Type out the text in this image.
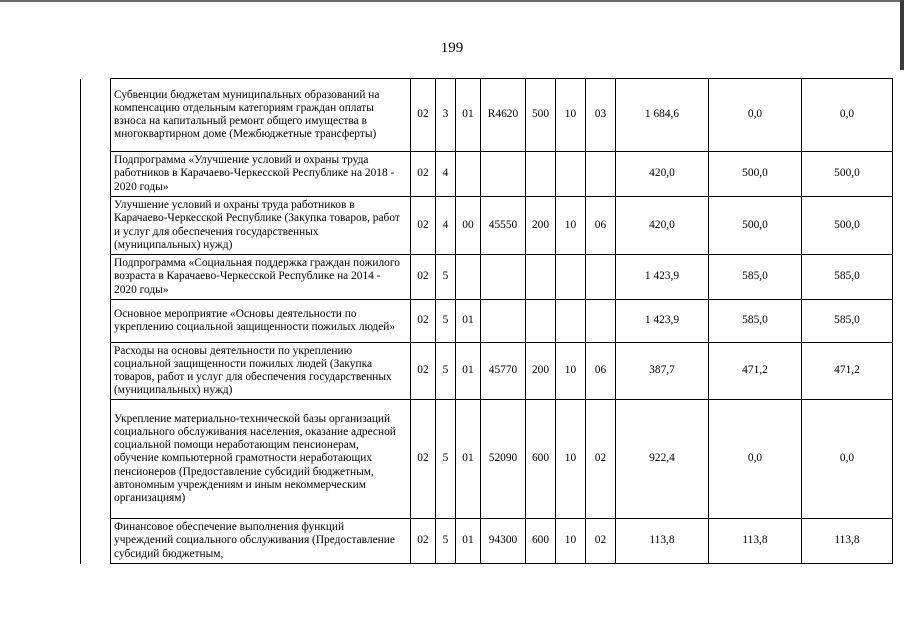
199
	Субвенции бюджетам муниципальных образований на компенсацию отдельным категориям граждан оплаты взноса на капитальный ремонт общего имущества в многоквартирном доме (Межбюджетные трансферты)	02	3	01	R4620	500	10	03	1 684,6	0,0	0,0
	Подпрограмма «Улучшение условий и охраны труда работников в Карачаево-Черкесской Республике на 2018 - 2020 годы»	02	4						420,0	500,0	500,0
	Улучшение условий и охраны труда работников в Карачаево-Черкесской Республике (Закупка товаров, работ и услуг для обеспечения государственных (муниципальных) нужд)	02	4	00	45550	200	10	06	420,0	500,0	500,0
	Подпрограмма «Социальная поддержка граждан пожилого возраста в Карачаево-Черкесской Республике на 2014 - 2020 годы»	02	5						1 423,9	585,0	585,0
	Основное мероприятие «Основы деятельности по укреплению социальной защищенности пожилых людей»	02	5	01					1 423,9	585,0	585,0
	Расходы на основы деятельности по укреплению социальной защищенности пожилых людей (Закупка товаров, работ и услуг для обеспечения государственных (муниципальных) нужд)	02	5	01	45770	200	10	06	387,7	471,2	471,2
	Укрепление материально-технической базы организаций социального обслуживания населения, оказание адресной социальной помощи неработающим пенсионерам, обучение компьютерной грамотности неработающих пенсионеров (Предоставление субсидий бюджетным, автономным учреждениям и иным некоммерческим организациям)	02	5	01	52090	600	10	02	922,4	0,0	0,0
	Финансовое обеспечение выполнения функций учреждений социального обслуживания (Предоставление субсидий бюджетным,	02	5	01	94300	600	10	02	113,8	113,8	113,8
